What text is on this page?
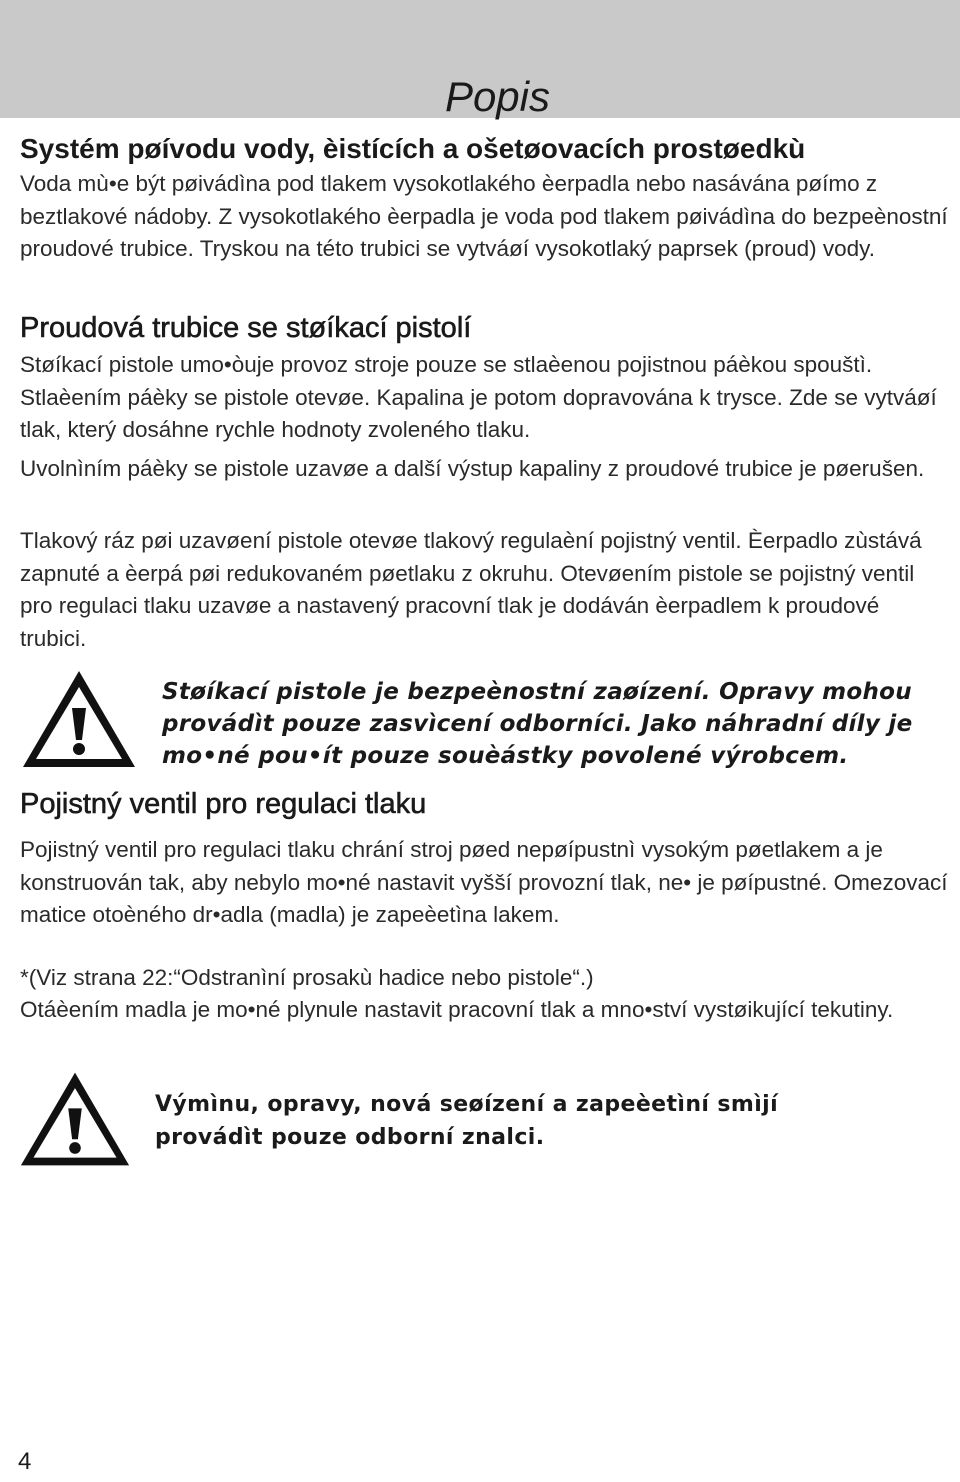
Popis
Systém pøívodu vody, èistících a ošetøovacích prostøedkù

Voda mù•e být pøivádìna pod tlakem vysokotlakého èerpadla nebo nasávána pøímo z beztlakové nádoby. Z vysokotlakého èerpadla je voda pod tlakem pøivádìna do bezpeènostní proudové trubice. Tryskou na této trubici se vytváøí vysokotlaký paprsek (proud) vody.

Proudová trubice se støíkací pistolí

Støíkací pistole umo•òuje provoz stroje pouze se stlaèenou pojistnou páèkou spouštì. Stlaèením páèky se pistole otevøe. Kapalina je potom dopravována k trysce. Zde se vytváøí tlak, který dosáhne rychle hodnoty zvoleného tlaku.

Uvolnìním páèky se pistole uzavøe a další výstup kapaliny z proudové trubice je pøerušen.

Tlakový ráz pøi uzavøení pistole otevøe tlakový regulaèní pojistný ventil. Èerpadlo zùstává zapnuté a èerpá pøi redukovaném pøetlaku z okruhu. Otevøením pistole se pojistný ventil pro regulaci tlaku uzavøe a nastavený pracovní tlak je dodáván èerpadlem k proudové trubici.

Støíkací pistole je bezpeènostní zaøízení. Opravy mohou provádìt pouze zasvìcení odborníci. Jako náhradní díly je mo•né pou•ít pouze souèástky povolené výrobcem.

Pojistný ventil pro regulaci tlaku

Pojistný ventil pro regulaci tlaku chrání stroj pøed nepøípustnì vysokým pøetlakem a je konstruován tak, aby nebylo mo•né nastavit vyšší provozní tlak, ne• je pøípustné. Omezovací matice otoèného dr•adla (madla) je zapeèetìna lakem.

*(Viz strana 22:“Odstranìní prosakù hadice nebo pistole“.)

Otáèením madla je mo•né plynule nastavit pracovní tlak a mno•ství vystøikující tekutiny.

Výmìnu, opravy, nová seøízení a zapeèetìní smìjí provádìt pouze odborní znalci.

4
